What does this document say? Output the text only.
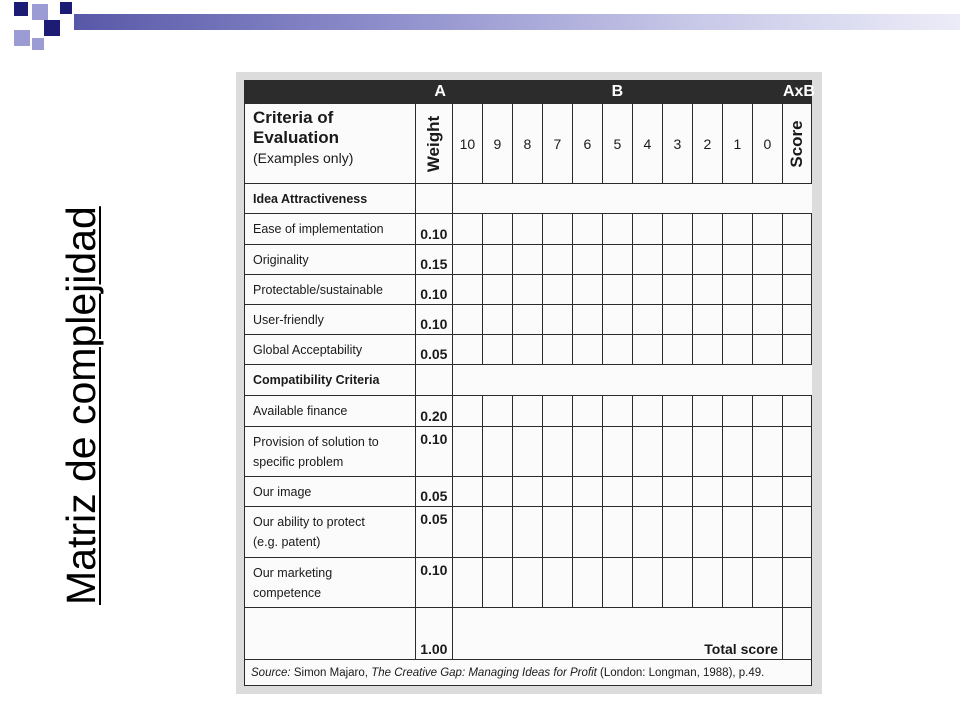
Matriz de complejidad
A		B											AxB

Criteria of
Evaluation
(Examples only)	Weight	10	9	8	7	6	5	4	3	2	1	0	Score

Idea Attractiveness													
Ease of implementation	0.10												
Originality	0.15												
Protectable/sustainable	0.10												
User-friendly	0.10												
Global Acceptability	0.05												
Compatibility Criteria													
Available finance	0.20												
Provision of solution to
specific problem	0.10												
Our image	0.05												
Our ability to protect
(e.g. patent)	0.05												
Our marketing
competence	0.10												
	1.00	Total score											
Source: Simon Majaro, The Creative Gap: Managing Ideas for Profit (London: Longman, 1988), p.49.													
